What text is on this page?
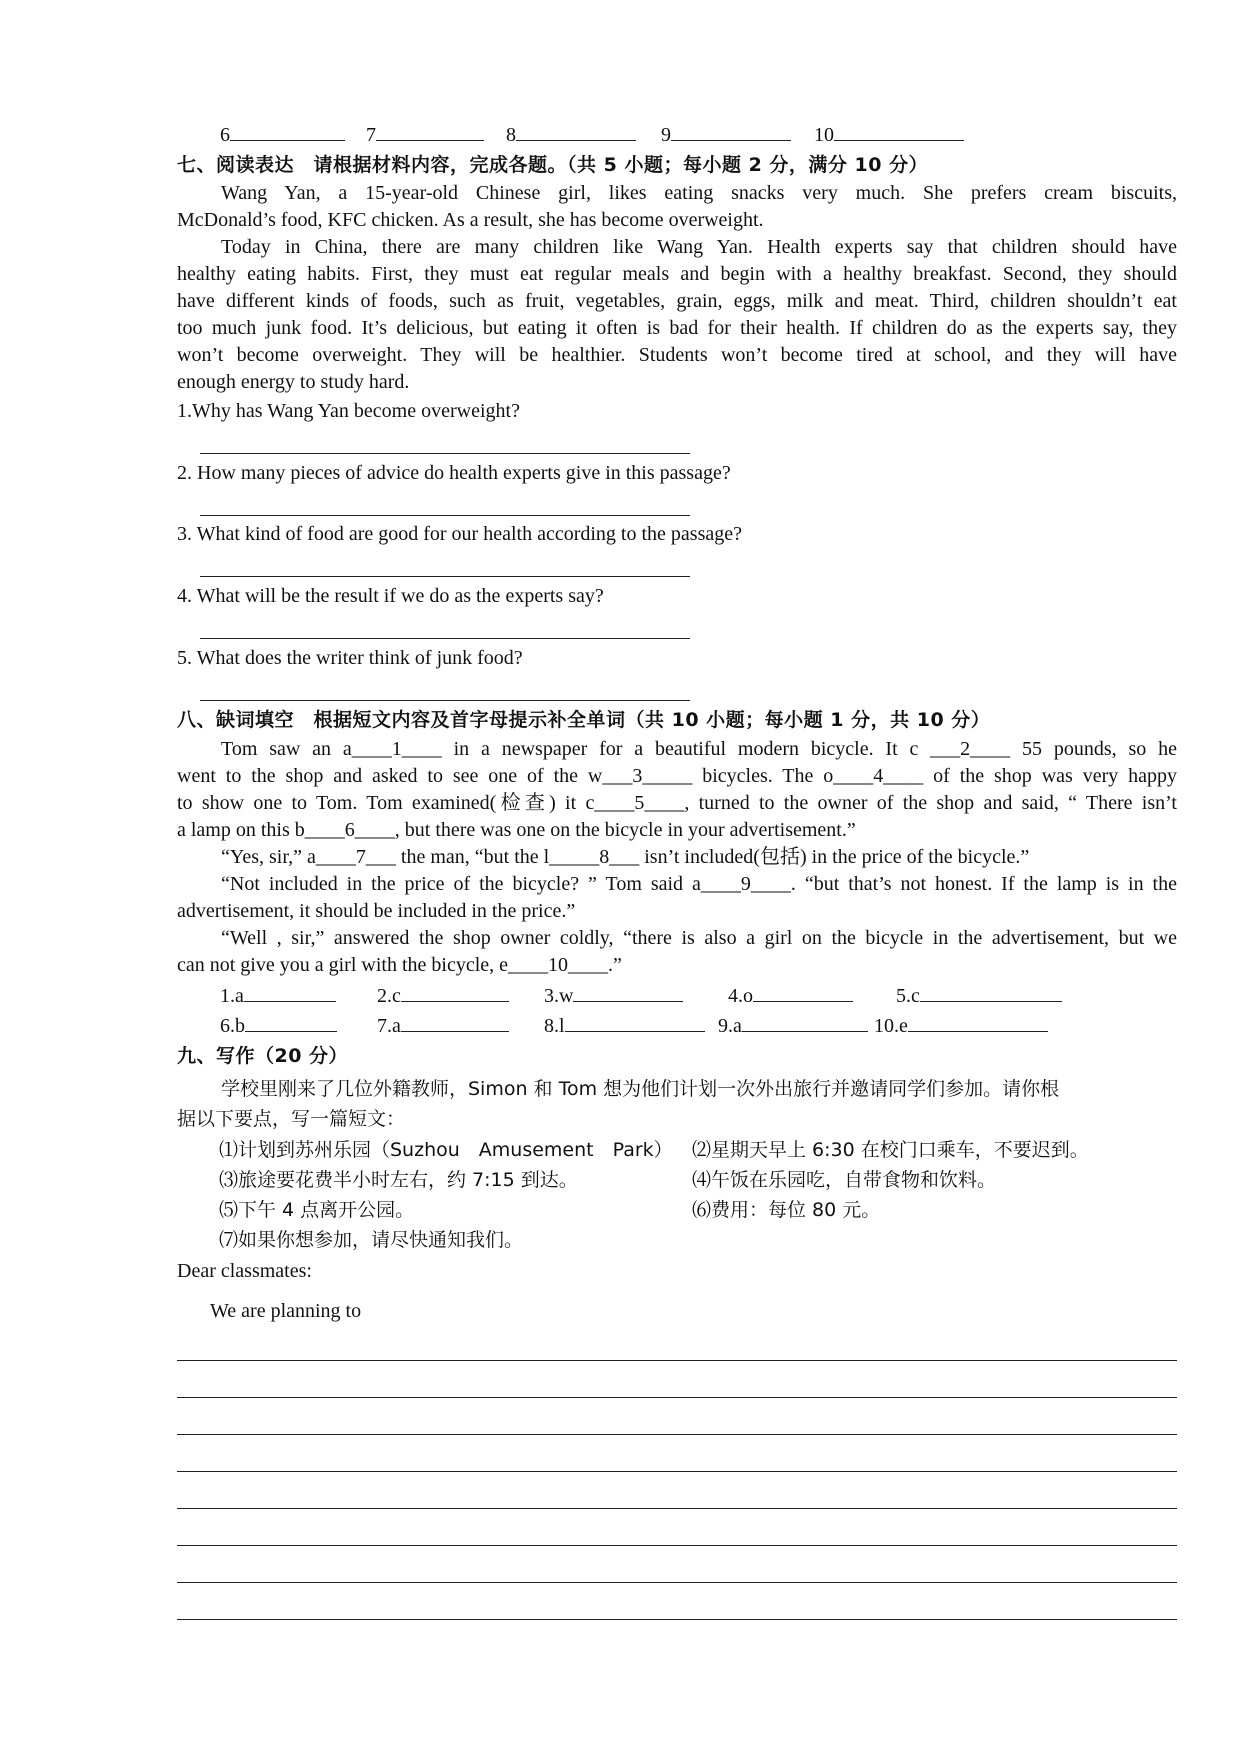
6	7	8	9	10
七、阅读表达　请根据材料内容，完成各题。（共 5 小题；每小题 2 分，满分 10 分）
Wang Yan, a 15-year-old Chinese girl, likes eating snacks very much. She prefers cream biscuits,
McDonald’s food, KFC chicken. As a result, she has become overweight.
Today in China, there are many children like Wang Yan. Health experts say that children should have
healthy eating habits. First, they must eat regular meals and begin with a healthy breakfast. Second, they should
have different kinds of foods, such as fruit, vegetables, grain, eggs, milk and meat. Third, children shouldn’t eat
too much junk food. It’s delicious, but eating it often is bad for their health. If children do as the experts say, they
won’t become overweight. They will be healthier. Students won’t become tired at school, and they will have
enough energy to study hard.
1.Why has Wang Yan become overweight?
2. How many pieces of advice do health experts give in this passage?
3. What kind of food are good for our health according to the passage?
4. What will be the result if we do as the experts say?
5. What does the writer think of junk food?
八、缺词填空　根据短文内容及首字母提示补全单词（共 10 小题；每小题 1 分，共 10 分）
Tom saw an a____1____ in a newspaper for a beautiful modern bicycle. It c ___2____ 55 pounds, so he
went to the shop and asked to see one of the w___3_____ bicycles. The o____4____ of the shop was very happy
to show one to Tom. Tom examined(检查) it c____5____, turned to the owner of the shop and said, “ There isn’t
a lamp on this b____6____, but there was one on the bicycle in your advertisement.”
“Yes, sir,” a____7___ the man, “but the l_____8___ isn’t included(包括) in the price of the bicycle.”
“Not included in the price of the bicycle? ” Tom said a____9____. “but that’s not honest. If the lamp is in the
advertisement, it should be included in the price.”
“Well , sir,” answered the shop owner coldly, “there is also a girl on the bicycle in the advertisement, but we
can not give you a girl with the bicycle, e____10____.”
1.a	2.c	3.w	4.o	5.c
6.b	7.a	8.l	9.a	10.e
九、写作（20 分）
学校里刚来了几位外籍教师，Simon 和 Tom 想为他们计划一次外出旅行并邀请同学们参加。请你根
据以下要点，写一篇短文：
⑴计划到苏州乐园（Suzhou　Amusement　Park） ⑵星期天早上 6:30 在校门口乘车，不要迟到。
⑶旅途要花费半小时左右，约 7:15 到达。	⑷午饭在乐园吃，自带食物和饮料。
⑸下午 4 点离开公园。	⑹费用：每位 80 元。
⑺如果你想参加，请尽快通知我们。
Dear classmates:
We are planning to
